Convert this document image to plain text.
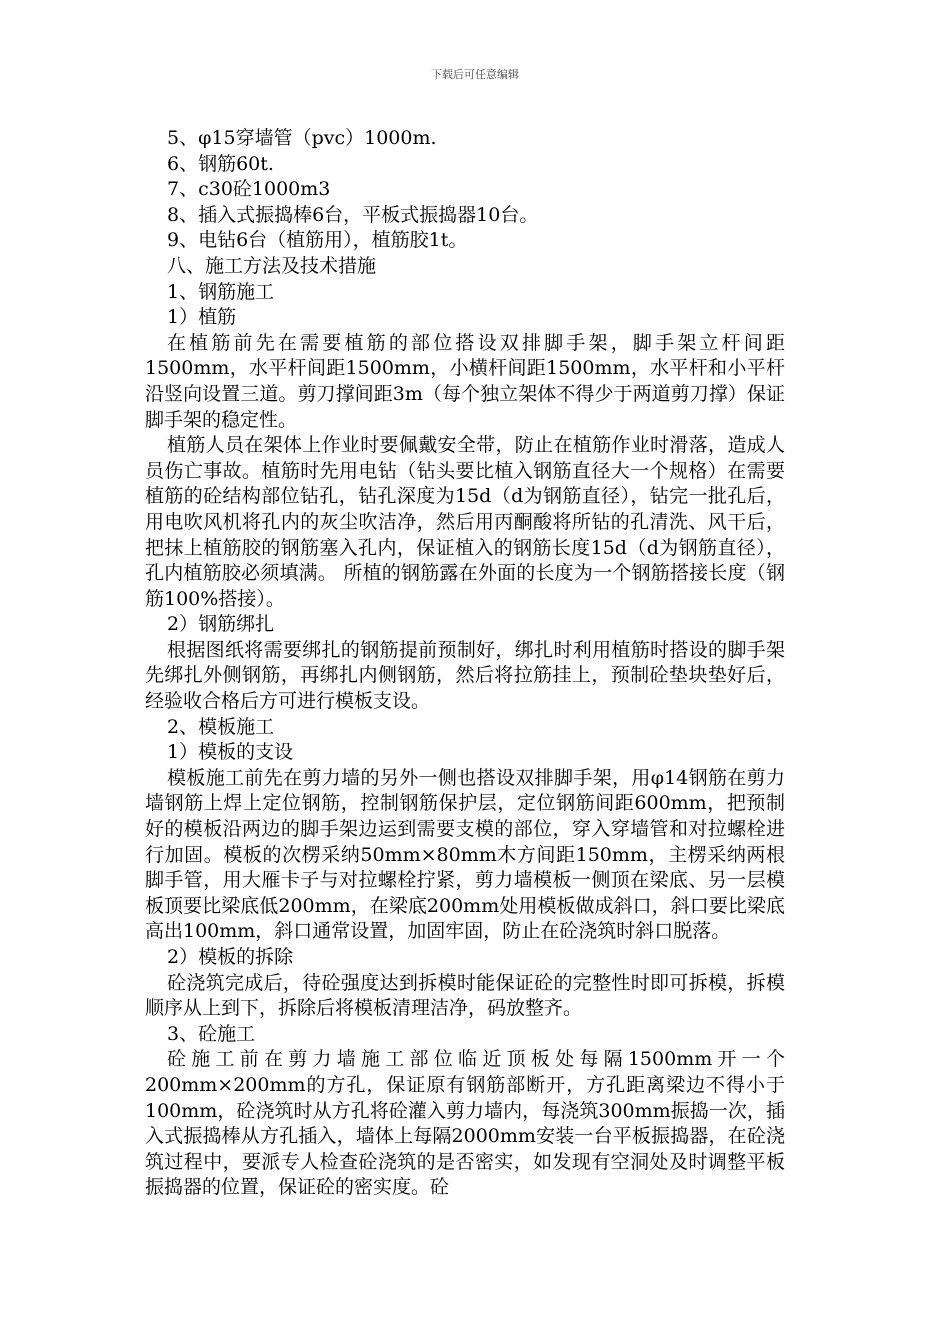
下载后可任意编辑
5、φ15穿墙管（pvc）1000m.
6、钢筋60t.
7、c30砼1000m3
8、插入式振捣棒6台，平板式振捣器10台。
9、电钻6台（植筋用），植筋胶1t。
八、施工方法及技术措施
1、钢筋施工
1）植筋
在植筋前先在需要植筋的部位搭设双排脚手架，脚手架立杆间距1500mm，水平杆间距1500mm，小横杆间距1500mm，水平杆和小平杆沿竖向设置三道。剪刀撑间距3m（每个独立架体不得少于两道剪刀撑）保证脚手架的稳定性。
植筋人员在架体上作业时要佩戴安全带，防止在植筋作业时滑落，造成人员伤亡事故。植筋时先用电钻（钻头要比植入钢筋直径大一个规格）在需要植筋的砼结构部位钻孔，钻孔深度为15d（d为钢筋直径），钻完一批孔后，用电吹风机将孔内的灰尘吹洁净，然后用丙酮酸将所钻的孔清洗、风干后，把抹上植筋胶的钢筋塞入孔内，保证植入的钢筋长度15d（d为钢筋直径），孔内植筋胶必须填满。 所植的钢筋露在外面的长度为一个钢筋搭接长度（钢筋100%搭接）。
2）钢筋绑扎
根据图纸将需要绑扎的钢筋提前预制好，绑扎时利用植筋时搭设的脚手架先绑扎外侧钢筋，再绑扎内侧钢筋，然后将拉筋挂上，预制砼垫块垫好后，经验收合格后方可进行模板支设。
2、模板施工
1）模板的支设
模板施工前先在剪力墙的另外一侧也搭设双排脚手架，用φ14钢筋在剪力墙钢筋上焊上定位钢筋，控制钢筋保护层，定位钢筋间距600mm，把预制好的模板沿两边的脚手架边运到需要支模的部位，穿入穿墙管和对拉螺栓进行加固。模板的次楞采纳50mm×80mm木方间距150mm，主楞采纳两根脚手管，用大雁卡子与对拉螺栓拧紧，剪力墙模板一侧顶在梁底、另一层模板顶要比梁底低200mm，在梁底200mm处用模板做成斜口，斜口要比梁底高出100mm，斜口通常设置，加固牢固，防止在砼浇筑时斜口脱落。
2）模板的拆除
砼浇筑完成后，待砼强度达到拆模时能保证砼的完整性时即可拆模，拆模顺序从上到下，拆除后将模板清理洁净，码放整齐。
3、砼施工
砼施工前在剪力墙施工部位临近顶板处每隔1500mm开一个200mm×200mm的方孔，保证原有钢筋部断开，方孔距离梁边不得小于100mm，砼浇筑时从方孔将砼灌入剪力墙内，每浇筑300mm振捣一次，插入式振捣棒从方孔插入，墙体上每隔2000mm安装一台平板振捣器，在砼浇筑过程中，要派专人检查砼浇筑的是否密实，如发现有空洞处及时调整平板振捣器的位置，保证砼的密实度。砼
